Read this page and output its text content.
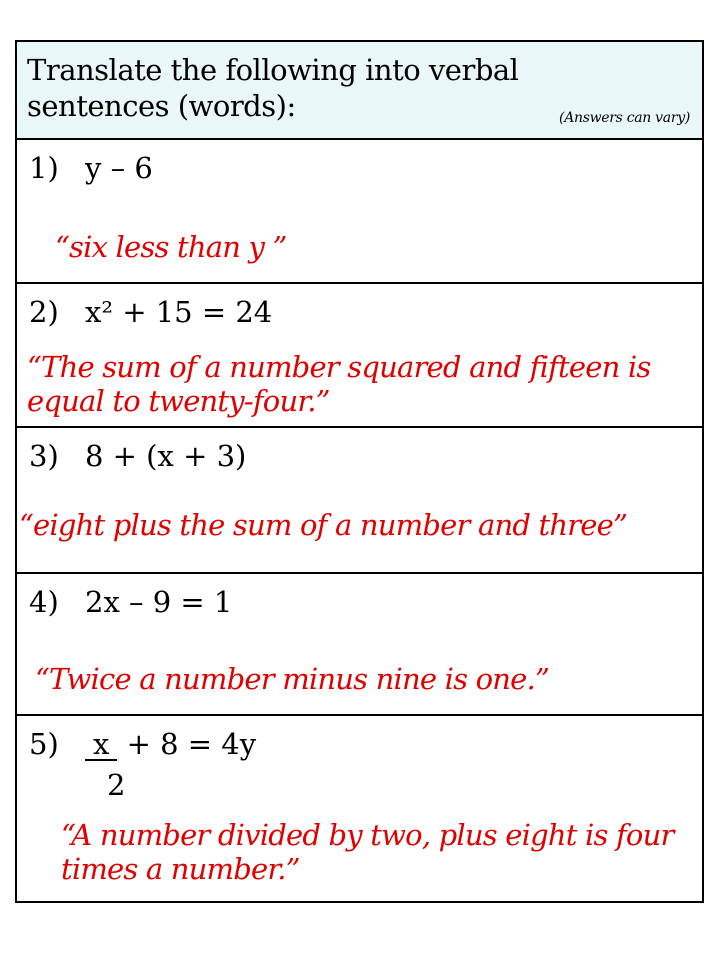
Translate the following into verbal sentences (words):	(Answers can vary)
1) y – 6
“six less than y ”
2) x² + 15 = 24
“The sum of a number squared and fifteen is equal to twenty-four.”
3) 8 + (x + 3)
“eight plus the sum of a number and three”
4) 2x – 9 = 1
“Twice a number minus nine is one.”
5) x + 8 = 4y
2
“A number divided by two, plus eight is four times a number.”
